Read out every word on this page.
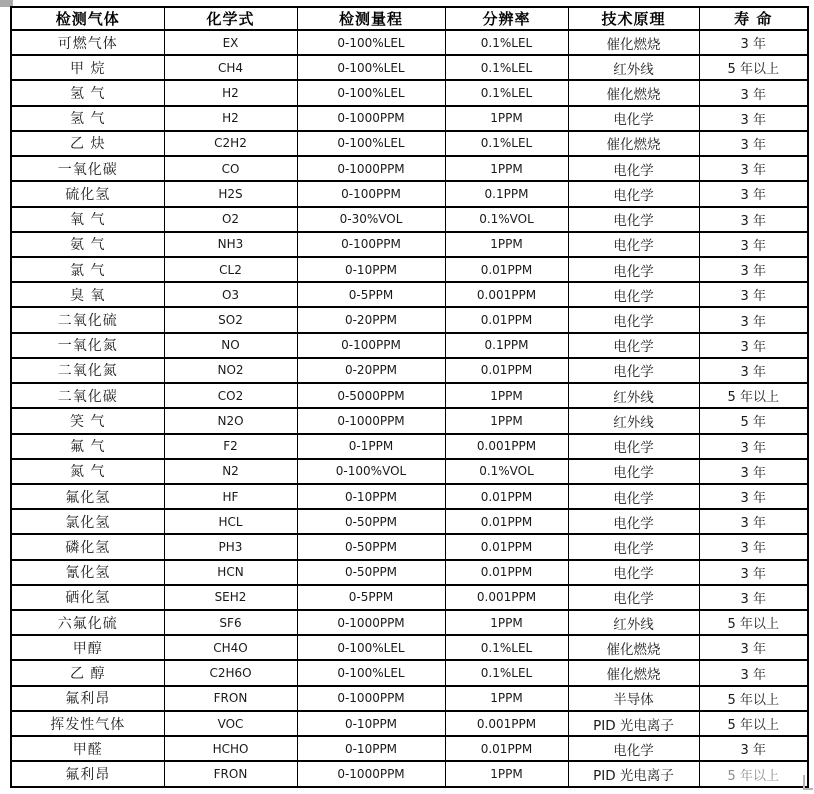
检测气体	化学式	检测量程	分辨率	技术原理	寿 命
可燃气体	EX	0-100%LEL	0.1%LEL	催化燃烧	3 年
甲 烷	CH4	0-100%LEL	0.1%LEL	红外线	5 年以上
氢 气	H2	0-100%LEL	0.1%LEL	催化燃烧	3 年
氢 气	H2	0-1000PPM	1PPM	电化学	3 年
乙 炔	C2H2	0-100%LEL	0.1%LEL	催化燃烧	3 年
一氧化碳	CO	0-1000PPM	1PPM	电化学	3 年
硫化氢	H2S	0-100PPM	0.1PPM	电化学	3 年
氧 气	O2	0-30%VOL	0.1%VOL	电化学	3 年
氨 气	NH3	0-100PPM	1PPM	电化学	3 年
氯 气	CL2	0-10PPM	0.01PPM	电化学	3 年
臭 氧	O3	0-5PPM	0.001PPM	电化学	3 年
二氧化硫	SO2	0-20PPM	0.01PPM	电化学	3 年
一氧化氮	NO	0-100PPM	0.1PPM	电化学	3 年
二氧化氮	NO2	0-20PPM	0.01PPM	电化学	3 年
二氧化碳	CO2	0-5000PPM	1PPM	红外线	5 年以上
笑 气	N2O	0-1000PPM	1PPM	红外线	5 年
氟 气	F2	0-1PPM	0.001PPM	电化学	3 年
氮 气	N2	0-100%VOL	0.1%VOL	电化学	3 年
氟化氢	HF	0-10PPM	0.01PPM	电化学	3 年
氯化氢	HCL	0-50PPM	0.01PPM	电化学	3 年
磷化氢	PH3	0-50PPM	0.01PPM	电化学	3 年
氰化氢	HCN	0-50PPM	0.01PPM	电化学	3 年
硒化氢	SEH2	0-5PPM	0.001PPM	电化学	3 年
六氟化硫	SF6	0-1000PPM	1PPM	红外线	5 年以上
甲醇	CH4O	0-100%LEL	0.1%LEL	催化燃烧	3 年
乙 醇	C2H6O	0-100%LEL	0.1%LEL	催化燃烧	3 年
氟利昂	FRON	0-1000PPM	1PPM	半导体	5 年以上
挥发性气体	VOC	0-10PPM	0.001PPM	PID 光电离子	5 年以上
甲醛	HCHO	0-10PPM	0.01PPM	电化学	3 年
氟利昂	FRON	0-1000PPM	1PPM	PID 光电离子	5 年以上
